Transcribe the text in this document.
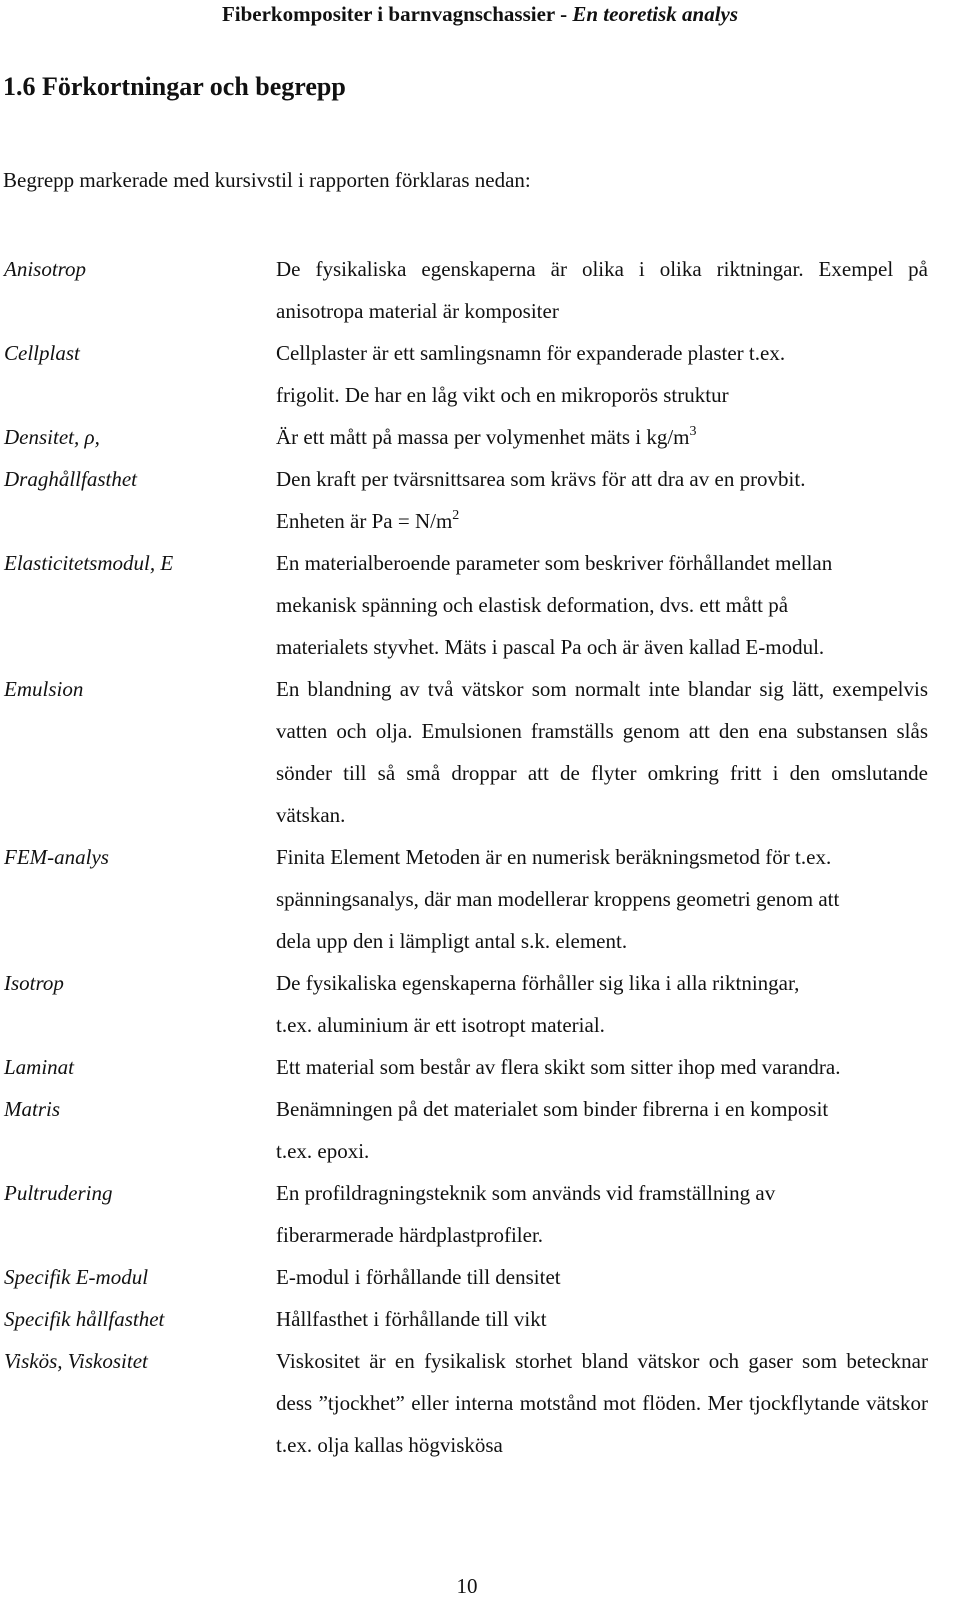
Fiberkompositer i barnvagnschassier - En teoretisk analys
1.6 Förkortningar och begrepp
Begrepp markerade med kursivstil i rapporten förklaras nedan:
Anisotrop	De fysikaliska egenskaperna är olika i olika riktningar. Exempel på anisotropa material är kompositer
Cellplast	Cellplaster är ett samlingsnamn för expanderade plaster t.ex.
frigolit. De har en låg vikt och en mikroporös struktur
Densitet, ρ,	Är ett mått på massa per volymenhet mäts i $kg/m^3$
Draghållfasthet	Den kraft per tvärsnittsarea som krävs för att dra av en provbit.
Enheten är $Pa = N/m^2$
Elasticitetsmodul, E	En materialberoende parameter som beskriver förhållandet mellan
mekanisk spänning och elastisk deformation, dvs. ett mått på
materialets styvhet. Mäts i pascal Pa och är även kallad E-modul.
Emulsion	En blandning av två vätskor som normalt inte blandar sig lätt, exempelvis vatten och olja. Emulsionen framställs genom att den ena substansen slås sönder till så små droppar att de flyter omkring fritt i den omslutande vätskan.
FEM-analys	Finita Element Metoden är en numerisk beräkningsmetod för t.ex.
spänningsanalys, där man modellerar kroppens geometri genom att
dela upp den i lämpligt antal s.k. element.
Isotrop	De fysikaliska egenskaperna förhåller sig lika i alla riktningar,
t.ex. aluminium är ett isotropt material.
Laminat	Ett material som består av flera skikt som sitter ihop med varandra.
Matris	Benämningen på det materialet som binder fibrerna i en komposit
t.ex. epoxi.
Pultrudering	En profildragningsteknik som används vid framställning av
fiberarmerade härdplastprofiler.
Specifik E-modul	E-modul i förhållande till densitet
Specifik hållfasthet	Hållfasthet i förhållande till vikt
Viskös, Viskositet	Viskositet är en fysikalisk storhet bland vätskor och gaser som betecknar dess ”tjockhet” eller interna motstånd mot flöden. Mer tjockflytande vätskor t.ex. olja kallas högviskösa
10
